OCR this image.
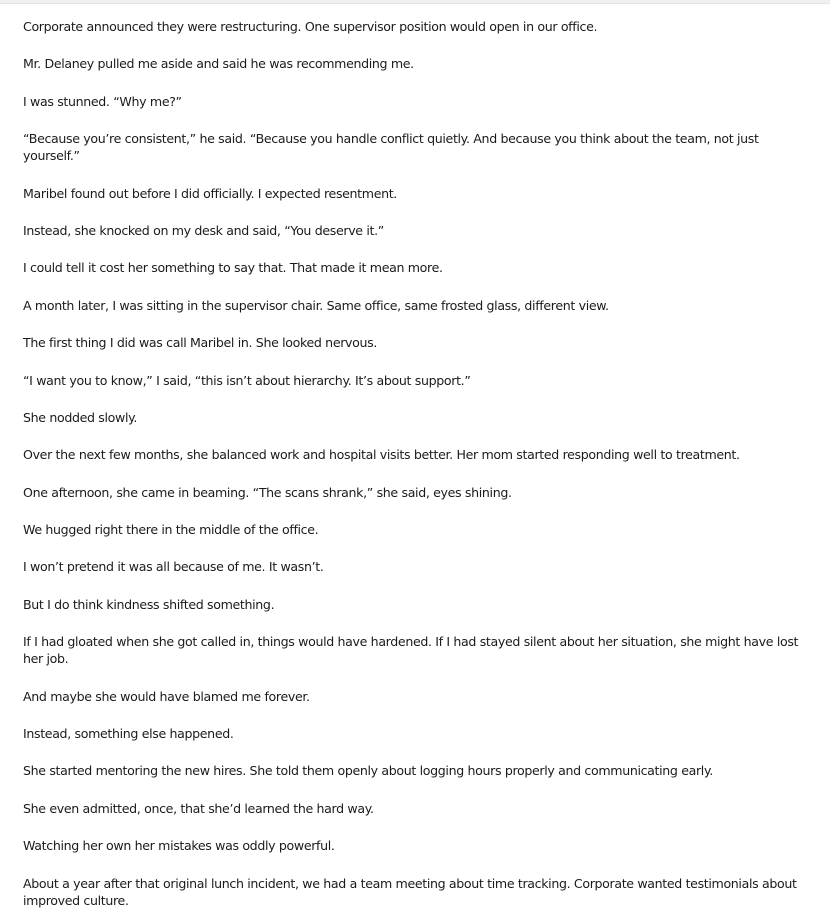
Corporate announced they were restructuring. One supervisor position would open in our office.

Mr. Delaney pulled me aside and said he was recommending me.

I was stunned. “Why me?”

“Because you’re consistent,” he said. “Because you handle conflict quietly. And because you think about the team, not just yourself.”

Maribel found out before I did officially. I expected resentment.

Instead, she knocked on my desk and said, “You deserve it.”

I could tell it cost her something to say that. That made it mean more.

A month later, I was sitting in the supervisor chair. Same office, same frosted glass, different view.

The first thing I did was call Maribel in. She looked nervous.

“I want you to know,” I said, “this isn’t about hierarchy. It’s about support.”

She nodded slowly.

Over the next few months, she balanced work and hospital visits better. Her mom started responding well to treatment.

One afternoon, she came in beaming. “The scans shrank,” she said, eyes shining.

We hugged right there in the middle of the office.

I won’t pretend it was all because of me. It wasn’t.

But I do think kindness shifted something.

If I had gloated when she got called in, things would have hardened. If I had stayed silent about her situation, she might have lost her job.

And maybe she would have blamed me forever.

Instead, something else happened.

She started mentoring the new hires. She told them openly about logging hours properly and communicating early.

She even admitted, once, that she’d learned the hard way.

Watching her own her mistakes was oddly powerful.

About a year after that original lunch incident, we had a team meeting about time tracking. Corporate wanted testimonials about improved culture.
